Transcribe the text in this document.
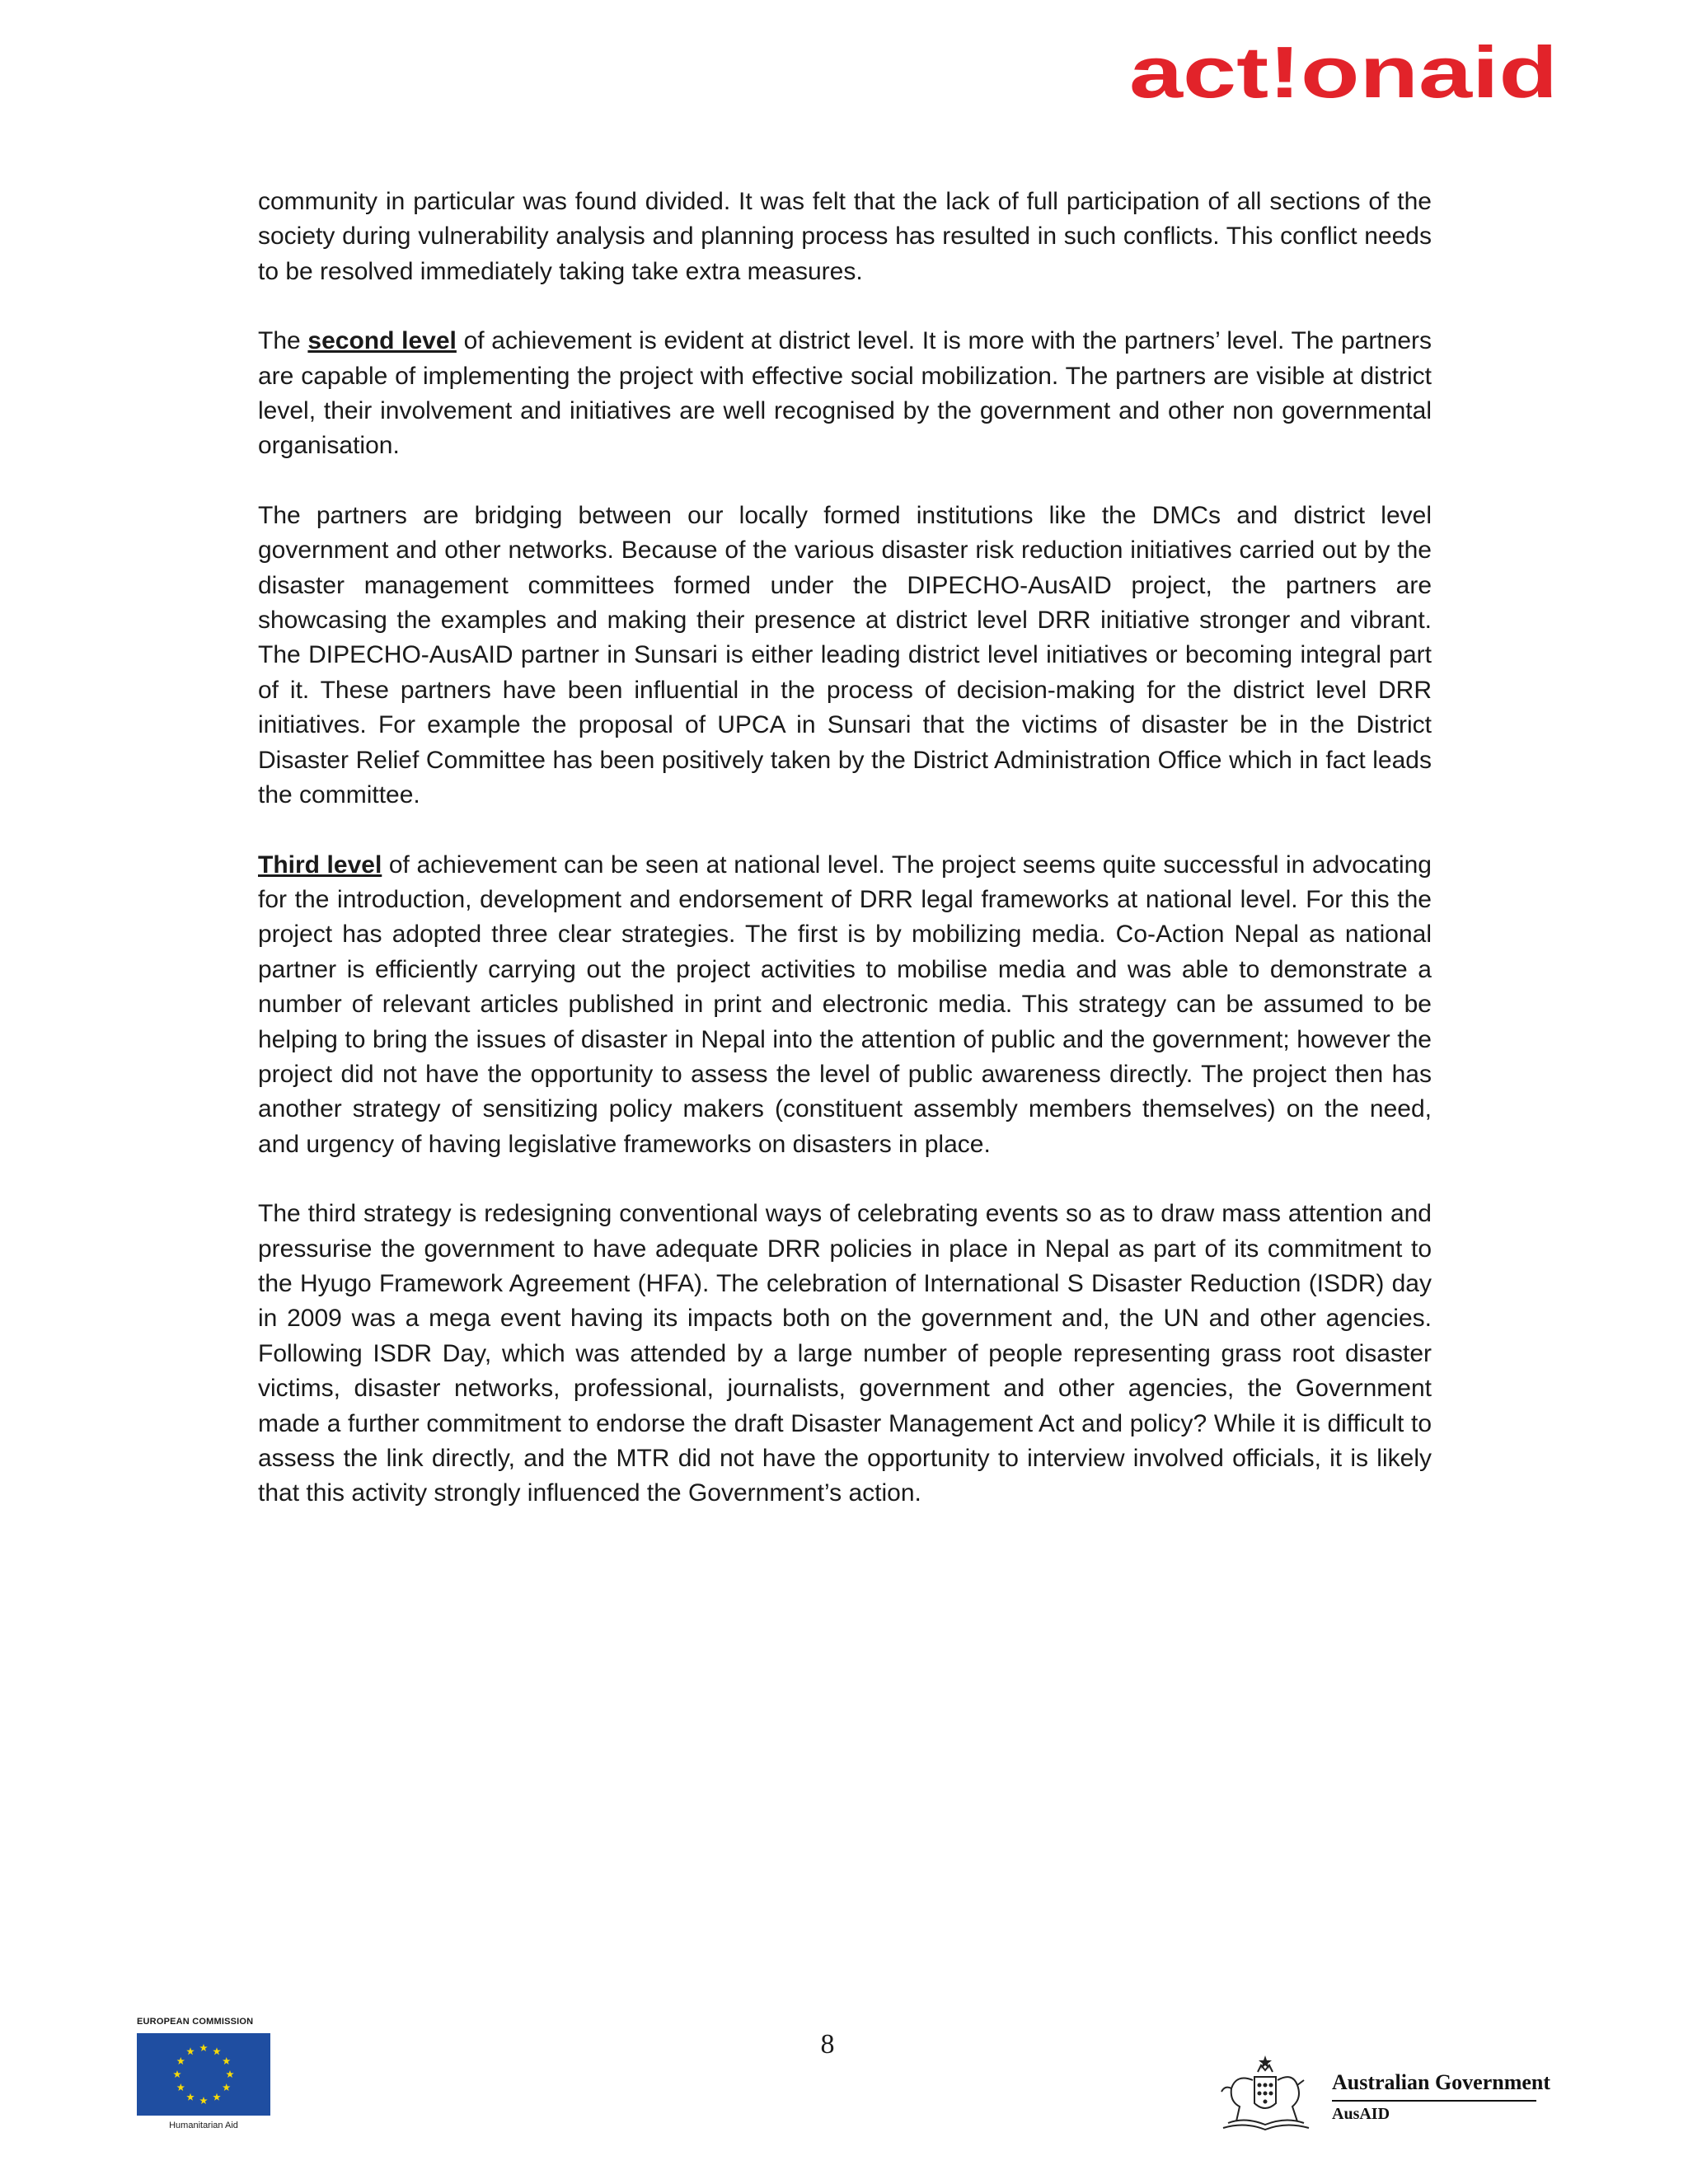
act!onaid

community in particular was found divided. It was felt that the lack of full participation of all sections of the society during vulnerability analysis and planning process has resulted in such conflicts. This conflict needs to be resolved immediately taking take extra measures.

The second level of achievement is evident at district level. It is more with the partners’ level. The partners are capable of implementing the project with effective social mobilization. The partners are visible at district level, their involvement and initiatives are well recognised by the government and other non governmental organisation.

The partners are bridging between our locally formed institutions like the DMCs and district level government and other networks. Because of the various disaster risk reduction initiatives carried out by the disaster management committees formed under the DIPECHO-AusAID project, the partners are showcasing the examples and making their presence at district level DRR initiative stronger and vibrant. The DIPECHO-AusAID partner in Sunsari is either leading district level initiatives or becoming integral part of it. These partners have been influential in the process of decision-making for the district level DRR initiatives. For example the proposal of UPCA in Sunsari that the victims of disaster be in the District Disaster Relief Committee has been positively taken by the District Administration Office which in fact leads the committee.

Third level of achievement can be seen at national level. The project seems quite successful in advocating for the introduction, development and endorsement of DRR legal frameworks at national level. For this the project has adopted three clear strategies. The first is by mobilizing media. Co-Action Nepal as national partner is efficiently carrying out the project activities to mobilise media and was able to demonstrate a number of relevant articles published in print and electronic media. This strategy can be assumed to be helping to bring the issues of disaster in Nepal into the attention of public and the government; however the project did not have the opportunity to assess the level of public awareness directly. The project then has another strategy of sensitizing policy makers (constituent assembly members themselves) on the need, and urgency of having legislative frameworks on disasters in place.

The third strategy is redesigning conventional ways of celebrating events so as to draw mass attention and pressurise the government to have adequate DRR policies in place in Nepal as part of its commitment to the Hyugo Framework Agreement (HFA). The celebration of International S Disaster Reduction (ISDR) day in 2009 was a mega event having its impacts both on the government and, the UN and other agencies. Following ISDR Day, which was attended by a large number of people representing grass root disaster victims, disaster networks, professional, journalists, government and other agencies, the Government made a further commitment to endorse the draft Disaster Management Act and policy? While it is difficult to assess the link directly, and the MTR did not have the opportunity to interview involved officials, it is likely that this activity strongly influenced the Government’s action.

8
EUROPEAN COMMISSION
Humanitarian Aid
Australian Government
AusAID
